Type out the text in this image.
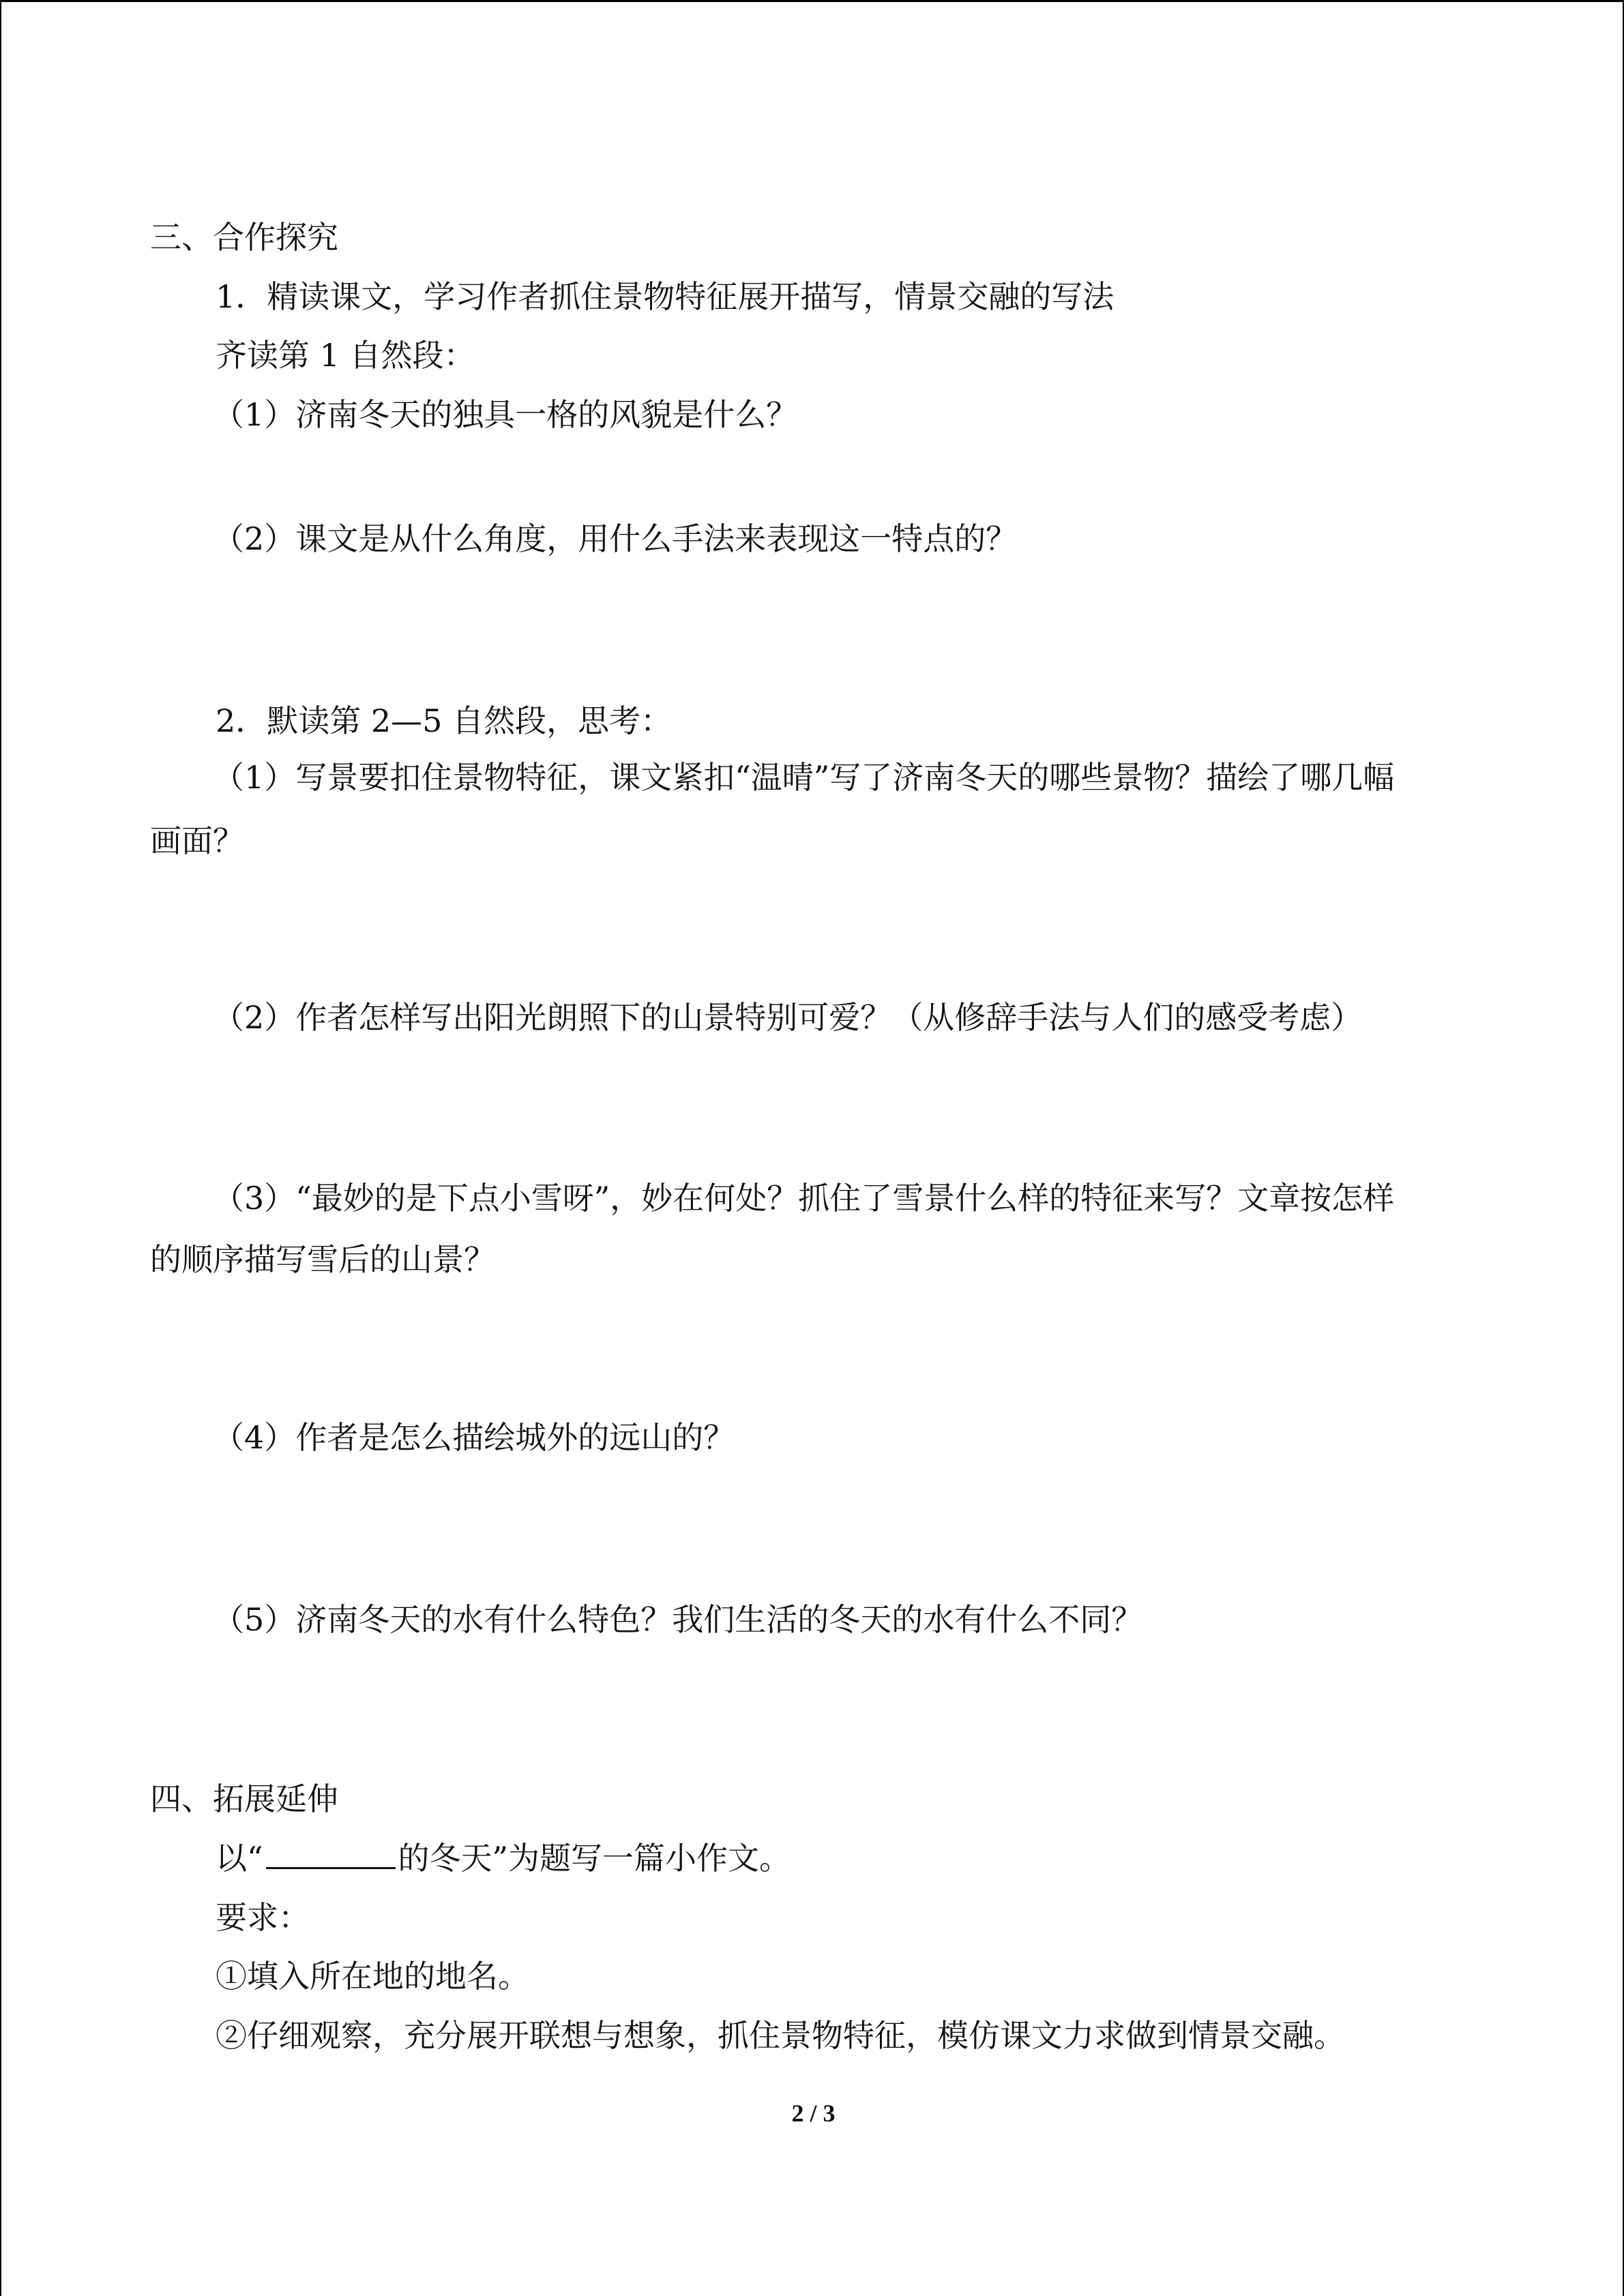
三、合作探究
1．精读课文，学习作者抓住景物特征展开描写，情景交融的写法
齐读第 1 自然段：
（1）济南冬天的独具一格的风貌是什么？
（2）课文是从什么角度，用什么手法来表现这一特点的？
2．默读第 2—5 自然段，思考：
（1）写景要扣住景物特征，课文紧扣“温晴”写了济南冬天的哪些景物？描绘了哪几幅
画面？
（2）作者怎样写出阳光朗照下的山景特别可爱？（从修辞手法与人们的感受考虑）
（3）“最妙的是下点小雪呀”，妙在何处？抓住了雪景什么样的特征来写？文章按怎样
的顺序描写雪后的山景？
（4）作者是怎么描绘城外的远山的？
（5）济南冬天的水有什么特色？我们生活的冬天的水有什么不同？
四、拓展延伸
以“	的冬天”为题写一篇小作文。
要求：
①填入所在地的地名。
②仔细观察，充分展开联想与想象，抓住景物特征，模仿课文力求做到情景交融。
2 / 3
